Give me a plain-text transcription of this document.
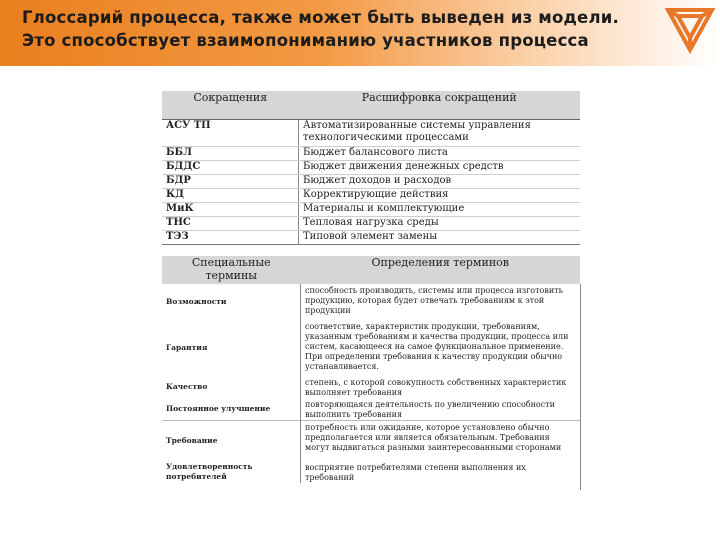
Глоссарий процесса, также может быть выведен из модели.
Это способствует взаимопониманию участников процесса
Сокращения	Расшифровка сокращений
АСУ ТП	Автоматизированные системы управления технологическими процессами
ББЛ	Бюджет балансового листа
БДДС	Бюджет движения денежных средств
БДР	Бюджет доходов и расходов
КД	Корректирующие действия
МиК	Материалы и комплектующие
ТНС	Тепловая нагрузка среды
ТЭЗ	Типовой элемент замены
Специальные термины	Определения терминов
Возможности	способность производить, системы или процесса изготовить продукцию, которая будет отвечать требованиям к этой продукции
Гарантия	соответствие, характеристик продукции, требованиям, указанным требованиям и качества продукции, процесса или систем, касающееся на самое функциональное применение. При определении требования к качеству продукции обычно устанавливается.
Качество	степень, с которой совокупность собственных характеристик выполняет требования
Постоянное улучшение	повторяющаяся деятельность по увеличению способности выполнить требования
Требование	потребность или ожидание, которое установлено обычно предполагается или является обязательным. Требования могут выдвигаться разными заинтересованными сторонами
Удовлетворенность потребителей	восприятие потребителями степени выполнения их требований
